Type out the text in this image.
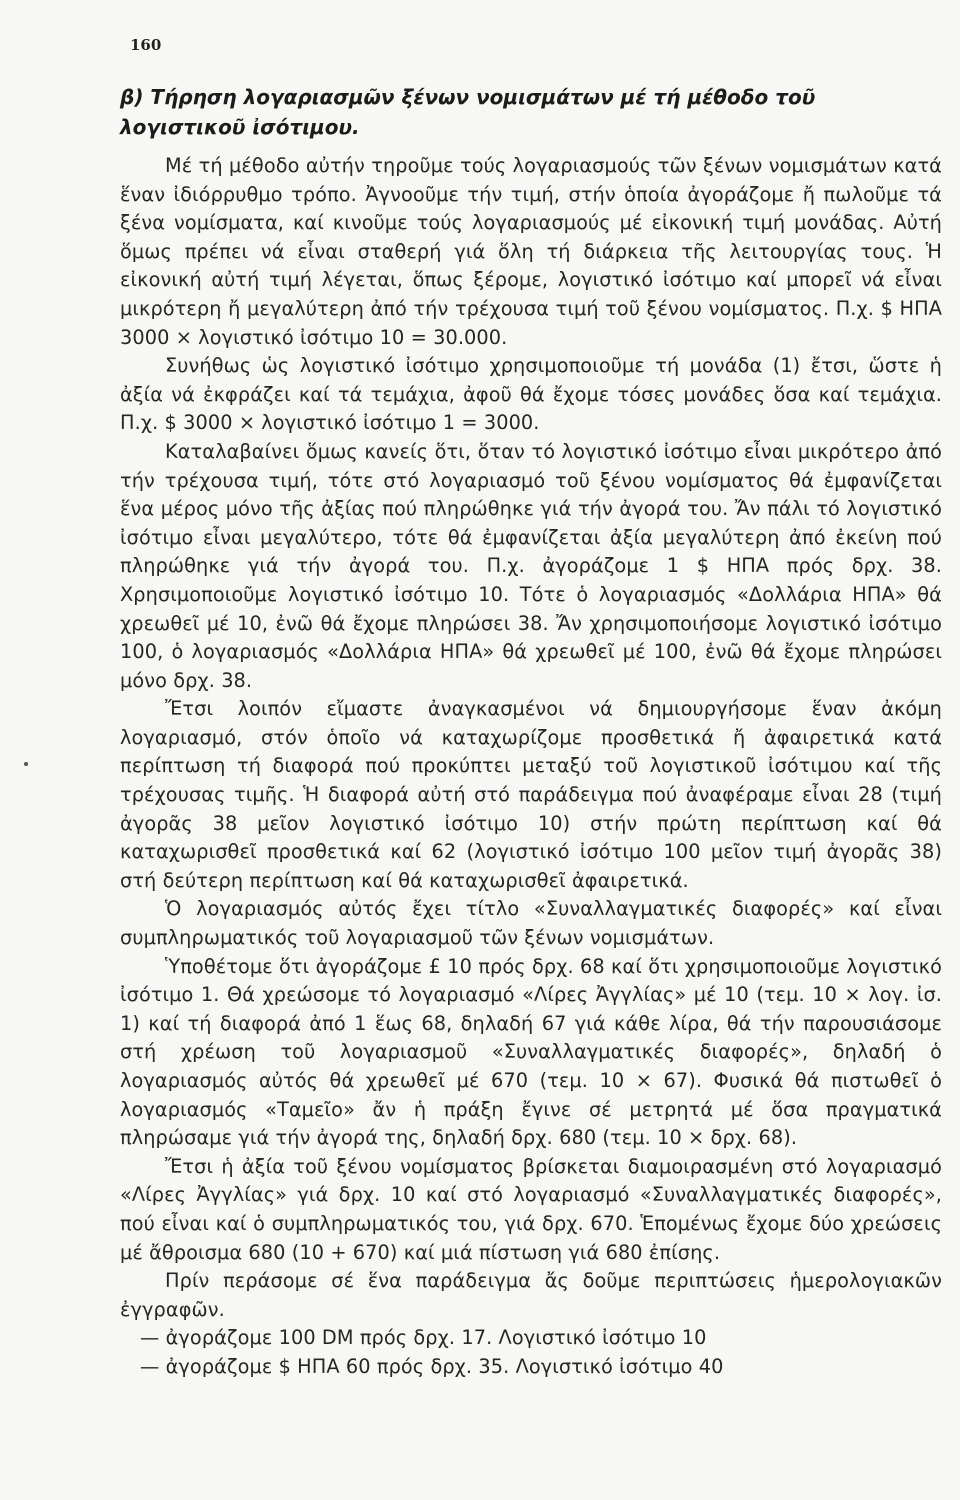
160
β) Τήρηση λογαριασμῶν ξένων νομισμάτων μέ τή μέθοδο τοῦ λογιστικοῦ ἰσότιμου.

Μέ τή μέθοδο αὐτήν τηροῦμε τούς λογαριασμούς τῶν ξένων νομισμάτων κατά ἕναν ἰδιόρρυθμο τρόπο. Ἀγνοοῦμε τήν τιμή, στήν ὁποία ἀγοράζομε ἤ πωλοῦμε τά ξένα νομίσματα, καί κινοῦμε τούς λογαριασμούς μέ εἰκονική τιμή μονάδας. Αὐτή ὅμως πρέπει νά εἶναι σταθερή γιά ὅλη τή διάρκεια τῆς λειτουργίας τους. Ἡ εἰκονική αὐτή τιμή λέγεται, ὅπως ξέρομε, λογιστικό ἰσότιμο καί μπορεῖ νά εἶναι μικρότερη ἤ μεγαλύτερη ἀπό τήν τρέχουσα τιμή τοῦ ξένου νομίσματος. Π.χ. $ ΗΠΑ 3000 × λογιστικό ἰσότιμο 10 = 30.000.

Συνήθως ὡς λογιστικό ἰσότιμο χρησιμοποιοῦμε τή μονάδα (1) ἔτσι, ὥστε ἡ ἀξία νά ἐκφράζει καί τά τεμάχια, ἀφοῦ θά ἔχομε τόσες μονάδες ὅσα καί τεμάχια. Π.χ. $ 3000 × λογιστικό ἰσότιμο 1 = 3000.

Καταλαβαίνει ὅμως κανείς ὅτι, ὅταν τό λογιστικό ἰσότιμο εἶναι μικρότερο ἀπό τήν τρέχουσα τιμή, τότε στό λογαριασμό τοῦ ξένου νομίσματος θά ἐμφανίζεται ἕνα μέρος μόνο τῆς ἀξίας πού πληρώθηκε γιά τήν ἀγορά του. Ἄν πάλι τό λογιστικό ἰσότιμο εἶναι μεγαλύτερο, τότε θά ἐμφανίζεται ἀξία μεγαλύτερη ἀπό ἐκείνη πού πληρώθηκε γιά τήν ἀγορά του. Π.χ. ἀγοράζομε 1 $ ΗΠΑ πρός δρχ. 38. Χρησιμοποιοῦμε λογιστικό ἰσότιμο 10. Τότε ὁ λογαριασμός «Δολλάρια ΗΠΑ» θά χρεωθεῖ μέ 10, ἐνῶ θά ἔχομε πληρώσει 38. Ἄν χρησιμοποιήσομε λογιστικό ἰσότιμο 100, ὁ λογαριασμός «Δολλάρια ΗΠΑ» θά χρεωθεῖ μέ 100, ἐνῶ θά ἔχομε πληρώσει μόνο δρχ. 38.

Ἔτσι λοιπόν εἴμαστε ἀναγκασμένοι νά δημιουργήσομε ἕναν ἀκόμη λογαριασμό, στόν ὁποῖο νά καταχωρίζομε προσθετικά ἤ ἀφαιρετικά κατά περίπτωση τή διαφορά πού προκύπτει μεταξύ τοῦ λογιστικοῦ ἰσότιμου καί τῆς τρέχουσας τιμῆς. Ἡ διαφορά αὐτή στό παράδειγμα πού ἀναφέραμε εἶναι 28 (τιμή ἀγορᾶς 38 μεῖον λογιστικό ἰσότιμο 10) στήν πρώτη περίπτωση καί θά καταχωρισθεῖ προσθετικά καί 62 (λογιστικό ἰσότιμο 100 μεῖον τιμή ἀγορᾶς 38) στή δεύτερη περίπτωση καί θά καταχωρισθεῖ ἀφαιρετικά.

Ὁ λογαριασμός αὐτός ἔχει τίτλο «Συναλλαγματικές διαφορές» καί εἶναι συμπληρωματικός τοῦ λογαριασμοῦ τῶν ξένων νομισμάτων.

Ὑποθέτομε ὅτι ἀγοράζομε £ 10 πρός δρχ. 68 καί ὅτι χρησιμοποιοῦμε λογιστικό ἰσότιμο 1. Θά χρεώσομε τό λογαριασμό «Λίρες Ἀγγλίας» μέ 10 (τεμ. 10 × λογ. ἰσ. 1) καί τή διαφορά ἀπό 1 ἕως 68, δηλαδή 67 γιά κάθε λίρα, θά τήν παρουσιάσομε στή χρέωση τοῦ λογαριασμοῦ «Συναλλαγματικές διαφορές», δηλαδή ὁ λογαριασμός αὐτός θά χρεωθεῖ μέ 670 (τεμ. 10 × 67). Φυσικά θά πιστωθεῖ ὁ λογαριασμός «Ταμεῖο» ἄν ἡ πράξη ἔγινε σέ μετρητά μέ ὅσα πραγματικά πληρώσαμε γιά τήν ἀγορά της, δηλαδή δρχ. 680 (τεμ. 10 × δρχ. 68).

Ἔτσι ἡ ἀξία τοῦ ξένου νομίσματος βρίσκεται διαμοιρασμένη στό λογαριασμό «Λίρες Ἀγγλίας» γιά δρχ. 10 καί στό λογαριασμό «Συναλλαγματικές διαφορές», πού εἶναι καί ὁ συμπληρωματικός του, γιά δρχ. 670. Ἑπομένως ἔχομε δύο χρεώσεις μέ ἄθροισμα 680 (10 + 670) καί μιά πίστωση γιά 680 ἐπίσης.

Πρίν περάσομε σέ ἕνα παράδειγμα ἄς δοῦμε περιπτώσεις ἡμερολογιακῶν ἐγγραφῶν.

— ἀγοράζομε 100 DM πρός δρχ. 17. Λογιστικό ἰσότιμο 10

— ἀγοράζομε $ ΗΠΑ 60 πρός δρχ. 35. Λογιστικό ἰσότιμο 40
